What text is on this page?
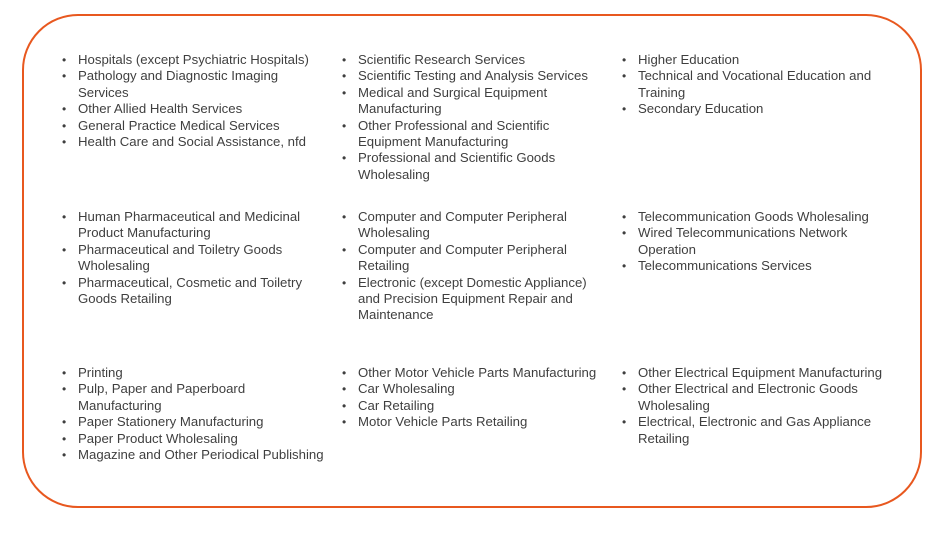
• Hospitals (except Psychiatric Hospitals)
• Pathology and Diagnostic Imaging Services
• Other Allied Health Services
• General Practice Medical Services
• Health Care and Social Assistance, nfd
• Scientific Research Services
• Scientific Testing and Analysis Services
• Medical and Surgical Equipment Manufacturing
• Other Professional and Scientific Equipment Manufacturing
• Professional and Scientific Goods Wholesaling
• Higher Education
• Technical and Vocational Education and Training
• Secondary Education
• Human Pharmaceutical and Medicinal Product Manufacturing
• Pharmaceutical and Toiletry Goods Wholesaling
• Pharmaceutical, Cosmetic and Toiletry Goods Retailing
• Computer and Computer Peripheral Wholesaling
• Computer and Computer Peripheral Retailing
• Electronic (except Domestic Appliance) and Precision Equipment Repair and Maintenance
• Telecommunication Goods Wholesaling
• Wired Telecommunications Network Operation
• Telecommunications Services
• Printing
• Pulp, Paper and Paperboard Manufacturing
• Paper Stationery Manufacturing
• Paper Product Wholesaling
• Magazine and Other Periodical Publishing
• Other Motor Vehicle Parts Manufacturing
• Car Wholesaling
• Car Retailing
• Motor Vehicle Parts Retailing
• Other Electrical Equipment Manufacturing
• Other Electrical and Electronic Goods Wholesaling
• Electrical, Electronic and Gas Appliance Retailing
